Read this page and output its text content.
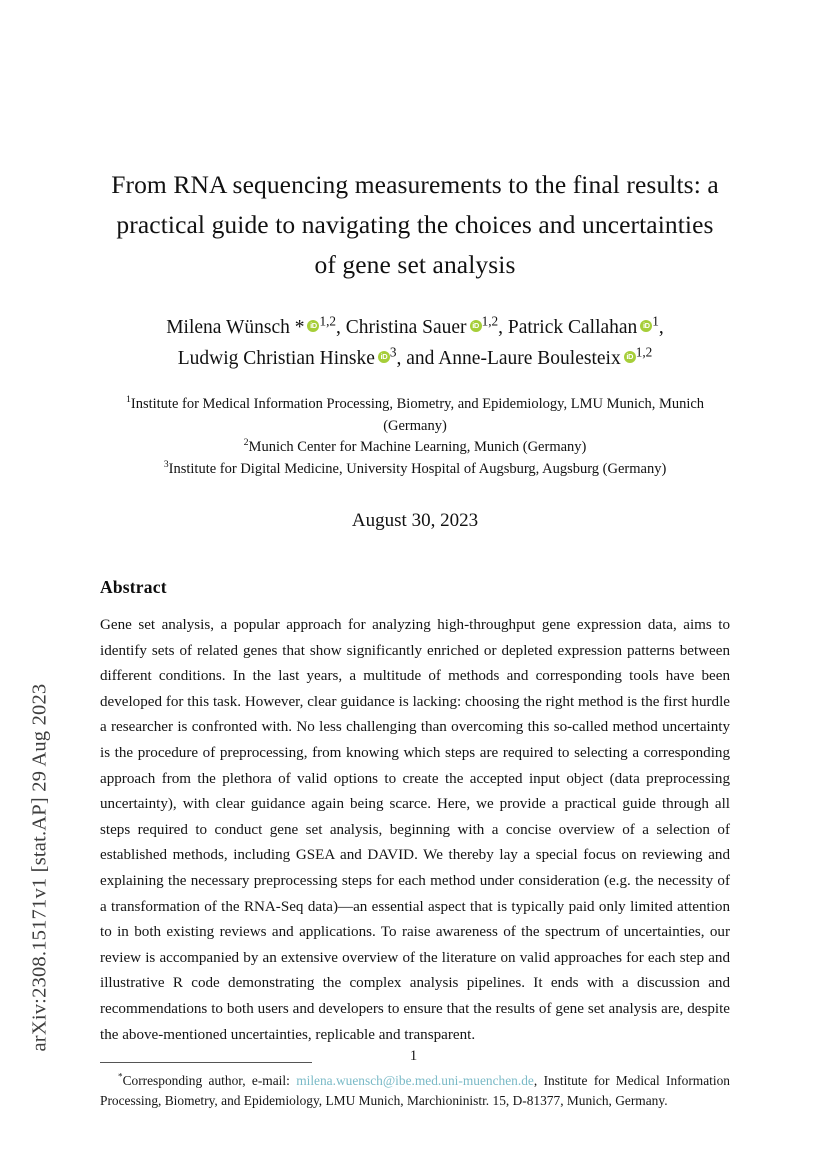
arXiv:2308.15171v1 [stat.AP] 29 Aug 2023
From RNA sequencing measurements to the final results: a practical guide to navigating the choices and uncertainties of gene set analysis
Milena Wünsch * iD $^{1,2}$, Christina Sauer iD $^{1,2}$, Patrick Callahan iD $^1$, Ludwig Christian Hinske iD $^3$, and Anne-Laure Boulesteix iD $^{1,2}$
$^1$Institute for Medical Information Processing, Biometry, and Epidemiology, LMU Munich, Munich (Germany)
$^2$Munich Center for Machine Learning, Munich (Germany)
$^3$Institute for Digital Medicine, University Hospital of Augsburg, Augsburg (Germany)
August 30, 2023
Abstract
Gene set analysis, a popular approach for analyzing high-throughput gene expression data, aims to identify sets of related genes that show significantly enriched or depleted expression patterns between different conditions. In the last years, a multitude of methods and corresponding tools have been developed for this task. However, clear guidance is lacking: choosing the right method is the first hurdle a researcher is confronted with. No less challenging than overcoming this so-called method uncertainty is the procedure of preprocessing, from knowing which steps are required to selecting a corresponding approach from the plethora of valid options to create the accepted input object (data preprocessing uncertainty), with clear guidance again being scarce. Here, we provide a practical guide through all steps required to conduct gene set analysis, beginning with a concise overview of a selection of established methods, including GSEA and DAVID. We thereby lay a special focus on reviewing and explaining the necessary preprocessing steps for each method under consideration (e.g. the necessity of a transformation of the RNA-Seq data)—an essential aspect that is typically paid only limited attention to in both existing reviews and applications. To raise awareness of the spectrum of uncertainties, our review is accompanied by an extensive overview of the literature on valid approaches for each step and illustrative R code demonstrating the complex analysis pipelines. It ends with a discussion and recommendations to both users and developers to ensure that the results of gene set analysis are, despite the above-mentioned uncertainties, replicable and transparent.
*Corresponding author, e-mail: milena.wuensch@ibe.med.uni-muenchen.de, Institute for Medical Information Processing, Biometry, and Epidemiology, LMU Munich, Marchioninistr. 15, D-81377, Munich, Germany.
1
